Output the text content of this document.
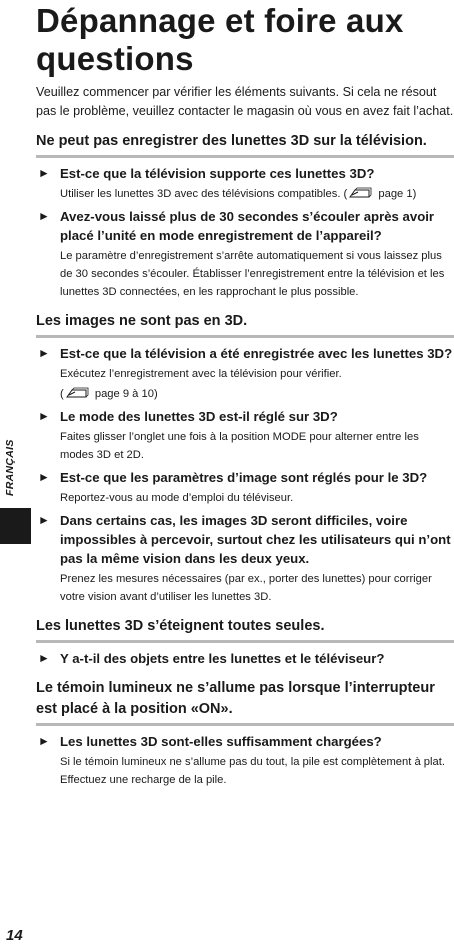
FRANÇAIS
Dépannage et foire aux questions

Veuillez commencer par vérifier les éléments suivants. Si cela ne résout pas le problème, veuillez contacter le magasin où vous en avez fait l’achat.

Ne peut pas enregistrer des lunettes 3D sur la télévision.
► Est-ce que la télévision supporte ces lunettes 3D?

Utiliser les lunettes 3D avec des télévisions compatibles. (	page 1)

► Avez-vous laissé plus de 30 secondes s’écouler après avoir placé l’unité en mode enregistrement de l’appareil?

Le paramètre d’enregistrement s’arrête automatiquement si vous laissez plus de 30 secondes s’écouler. Établisser l’enregistrement entre la télévision et les lunettes 3D connectées, en les rapprochant le plus possible.

Les images ne sont pas en 3D.
► Est-ce que la télévision a été enregistrée avec les lunettes 3D?

Exécutez l’enregistrement avec la télévision pour vérifier.

(	page 9 à 10)

► Le mode des lunettes 3D est-il réglé sur 3D?

Faites glisser l’onglet une fois à la position MODE pour alterner entre les modes 3D et 2D.

► Est-ce que les paramètres d’image sont réglés pour le 3D?

Reportez-vous au mode d’emploi du téléviseur.

► Dans certains cas, les images 3D seront difficiles, voire impossibles à percevoir, surtout chez les utilisateurs qui n’ont pas la même vision dans les deux yeux.

Prenez les mesures nécessaires (par ex., porter des lunettes) pour corriger votre vision avant d’utiliser les lunettes 3D.

Les lunettes 3D s’éteignent toutes seules.
► Y a-t-il des objets entre les lunettes et le téléviseur?

Le témoin lumineux ne s’allume pas lorsque l’interrupteur est placé à la position «ON».
► Les lunettes 3D sont-elles suffisamment chargées?

Si le témoin lumineux ne s’allume pas du tout, la pile est complètement à plat. Effectuez une recharge de la pile.

14
